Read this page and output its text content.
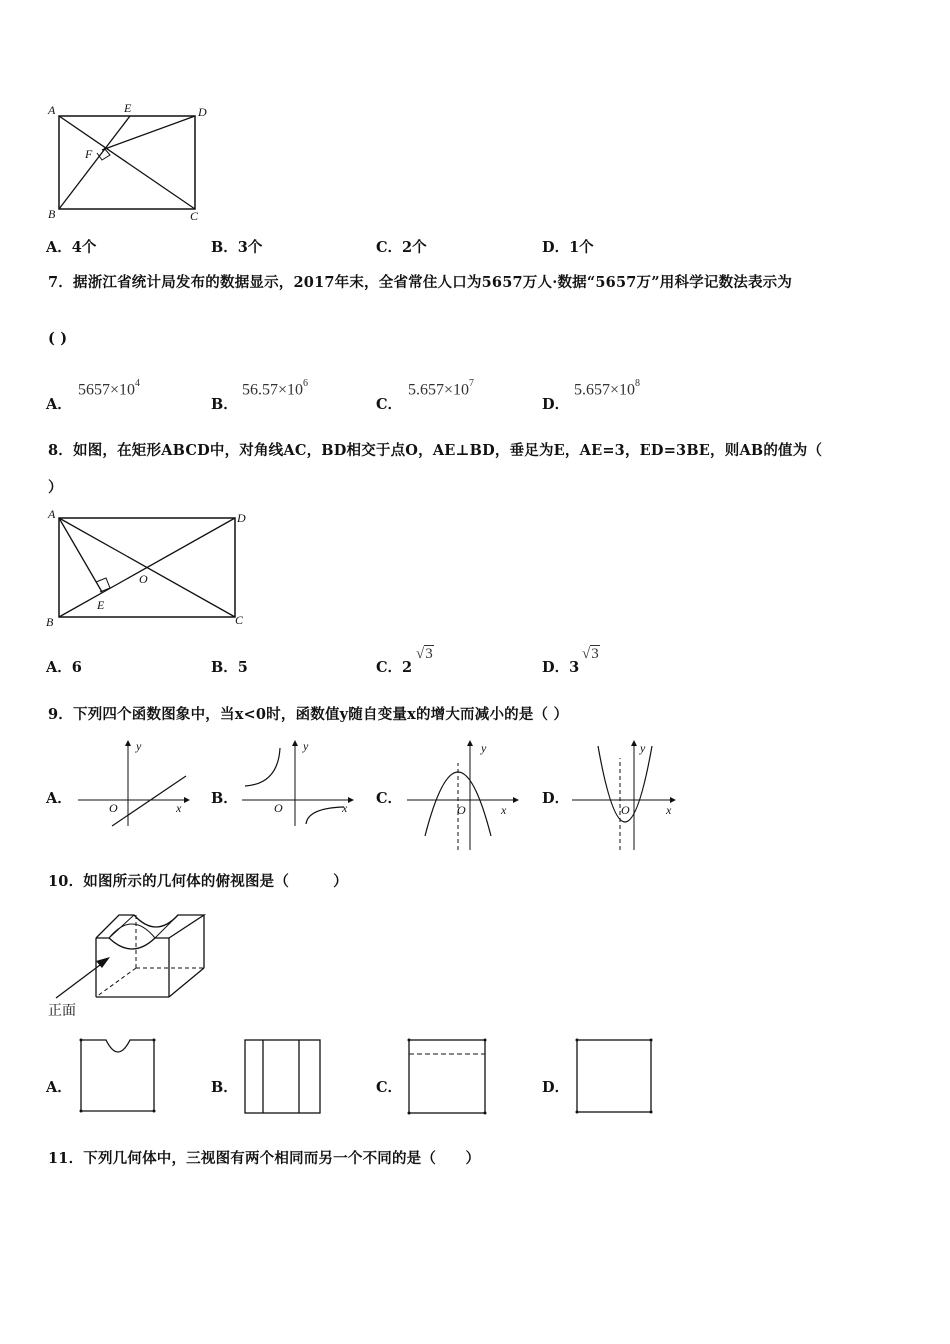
A	E	D
F
B	C
A．4个	B．3个	C．2个	D．1个
7．据浙江省统计局发布的数据显示，2017年末，全省常住人口为5657万人·数据“5657万”用科学记数法表示为
( )
A．
$5657\times 10^4$
B．
$56.57\times 10^6$
C．
$5.657\times 10^7$
D．
$5.657\times 10^8$
8．如图，在矩形ABCD中，对角线AC，BD相交于点O，AE⊥BD，垂足为E，AE=3，ED=3BE，则AB的值为（
）
A	D
O
E
B	C
A．6	B．5	C．2
√3
D．3
√3
9．下列四个函数图象中，当x<0时，函数值y随自变量x的增大而减小的是（ ）
A．
y
x
O
B．
y
x
O
C．
y
x
O
D．
y
x
O
10．如图所示的几何体的俯视图是（　　　）
正面
A．	B．	C．	D．
11．下列几何体中，三视图有两个相同而另一个不同的是（　　）
